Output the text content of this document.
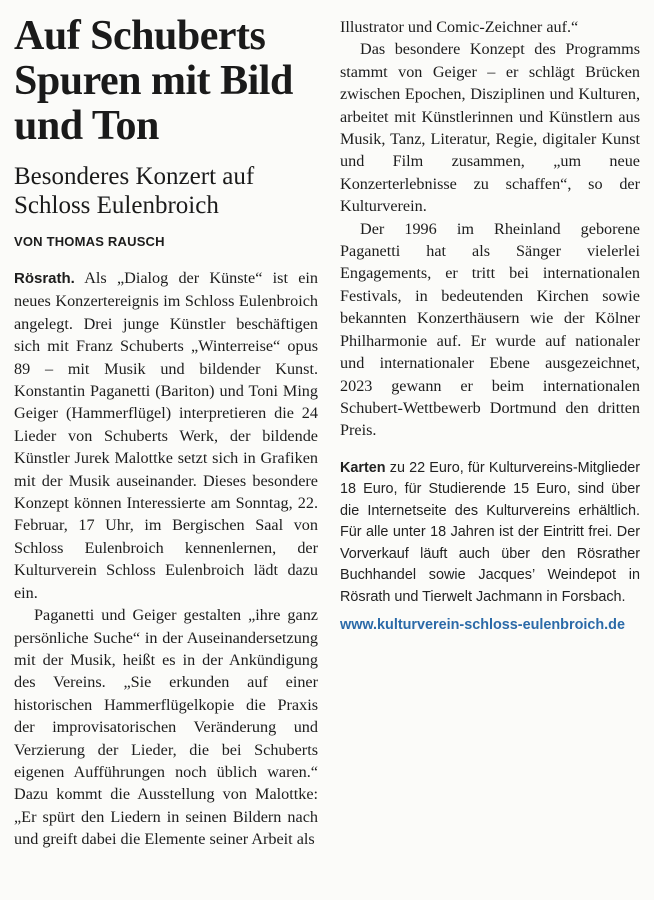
Auf Schuberts Spuren mit Bild und Ton
Besonderes Konzert auf Schloss Eulenbroich
VON THOMAS RAUSCH

Rösrath. Als „Dialog der Künste“ ist ein neues Konzertereignis im Schloss Eulenbroich angelegt. Drei junge Künstler beschäftigen sich mit Franz Schuberts „Winterreise“ opus 89 – mit Musik und bildender Kunst. Konstantin Paganetti (Bariton) und Toni Ming Geiger (Hammerflügel) interpretieren die 24 Lieder von Schuberts Werk, der bildende Künstler Jurek Malottke setzt sich in Grafiken mit der Musik auseinander. Dieses besondere Konzept können Interessierte am Sonntag, 22. Februar, 17 Uhr, im Bergischen Saal von Schloss Eulenbroich kennenlernen, der Kulturverein Schloss Eulenbroich lädt dazu ein.

Paganetti und Geiger gestalten „ihre ganz persönliche Suche“ in der Auseinandersetzung mit der Musik, heißt es in der Ankündigung des Vereins. „Sie erkunden auf einer historischen Hammerflügelkopie die Praxis der improvisatorischen Veränderung und Verzierung der Lieder, die bei Schuberts eigenen Aufführungen noch üblich waren.“ Dazu kommt die Ausstellung von Malottke: „Er spürt den Liedern in seinen Bildern nach und greift dabei die Elemente seiner Arbeit als

Illustrator und Comic-Zeichner auf.“

Das besondere Konzept des Programms stammt von Geiger – er schlägt Brücken zwischen Epochen, Disziplinen und Kulturen, arbeitet mit Künstlerinnen und Künstlern aus Musik, Tanz, Literatur, Regie, digitaler Kunst und Film zusammen, „um neue Konzerterlebnisse zu schaffen“, so der Kulturverein.

Der 1996 im Rheinland geborene Paganetti hat als Sänger vielerlei Engagements, er tritt bei internationalen Festivals, in bedeutenden Kirchen sowie bekannten Konzerthäusern wie der Kölner Philharmonie auf. Er wurde auf nationaler und internationaler Ebene ausgezeichnet, 2023 gewann er beim internationalen Schubert-Wettbewerb Dortmund den dritten Preis.

Karten zu 22 Euro, für Kulturvereins-Mitglieder 18 Euro, für Studierende 15 Euro, sind über die Internetseite des Kulturvereins erhältlich. Für alle unter 18 Jahren ist der Eintritt frei. Der Vorverkauf läuft auch über den Rösrather Buchhandel sowie Jacques’ Weindepot in Rösrath und Tierwelt Jachmann in Forsbach.
www.kulturverein-schloss-eulenbroich.de
